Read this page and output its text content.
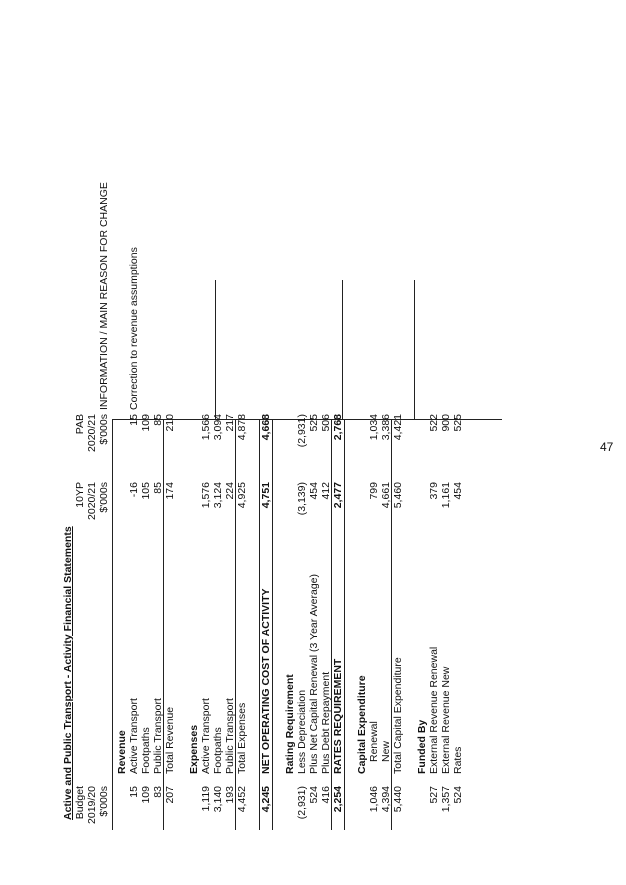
Active and Public Transport - Activity Financial Statements Budget 2019/20 $'000s
10YP 2020/21 $'000s
PAB 2020/21 $'000s
INFORMATION / MAIN REASON FOR CHANGE
Revenue
15
Active Transport
-16
15
Correction to revenue assumptions
109
Footpaths
105
109
83
Public Transport
85
85
207
Total Revenue
174
210
Expenses
1,119
Active Transport
1,576
1,566
3,140
Footpaths
3,124
3,094
193
Public Transport
224
217
4,452
Total Expenses
4,925
4,878
4,245
NET OPERATING COST OF ACTIVITY
4,751
4,668
Rating Requirement
(2,931)
Less Depreciation
(3,139)
(2,931)
524
Plus Net Capital Renewal (3 Year Average)
454
525
416
Plus Debt Repayment
412
506
2,254
RATES REQUIREMENT
2,477
2,768
Capital Expenditure
1,046
Renewal
799
1,034
4,394
New
4,661
3,386
5,440
Total Capital Expenditure
5,460
4,421
Funded By
527
External Revenue Renewal
379
522
1,357
External Revenue New
1,161
900
524
Rates
454
525
47
